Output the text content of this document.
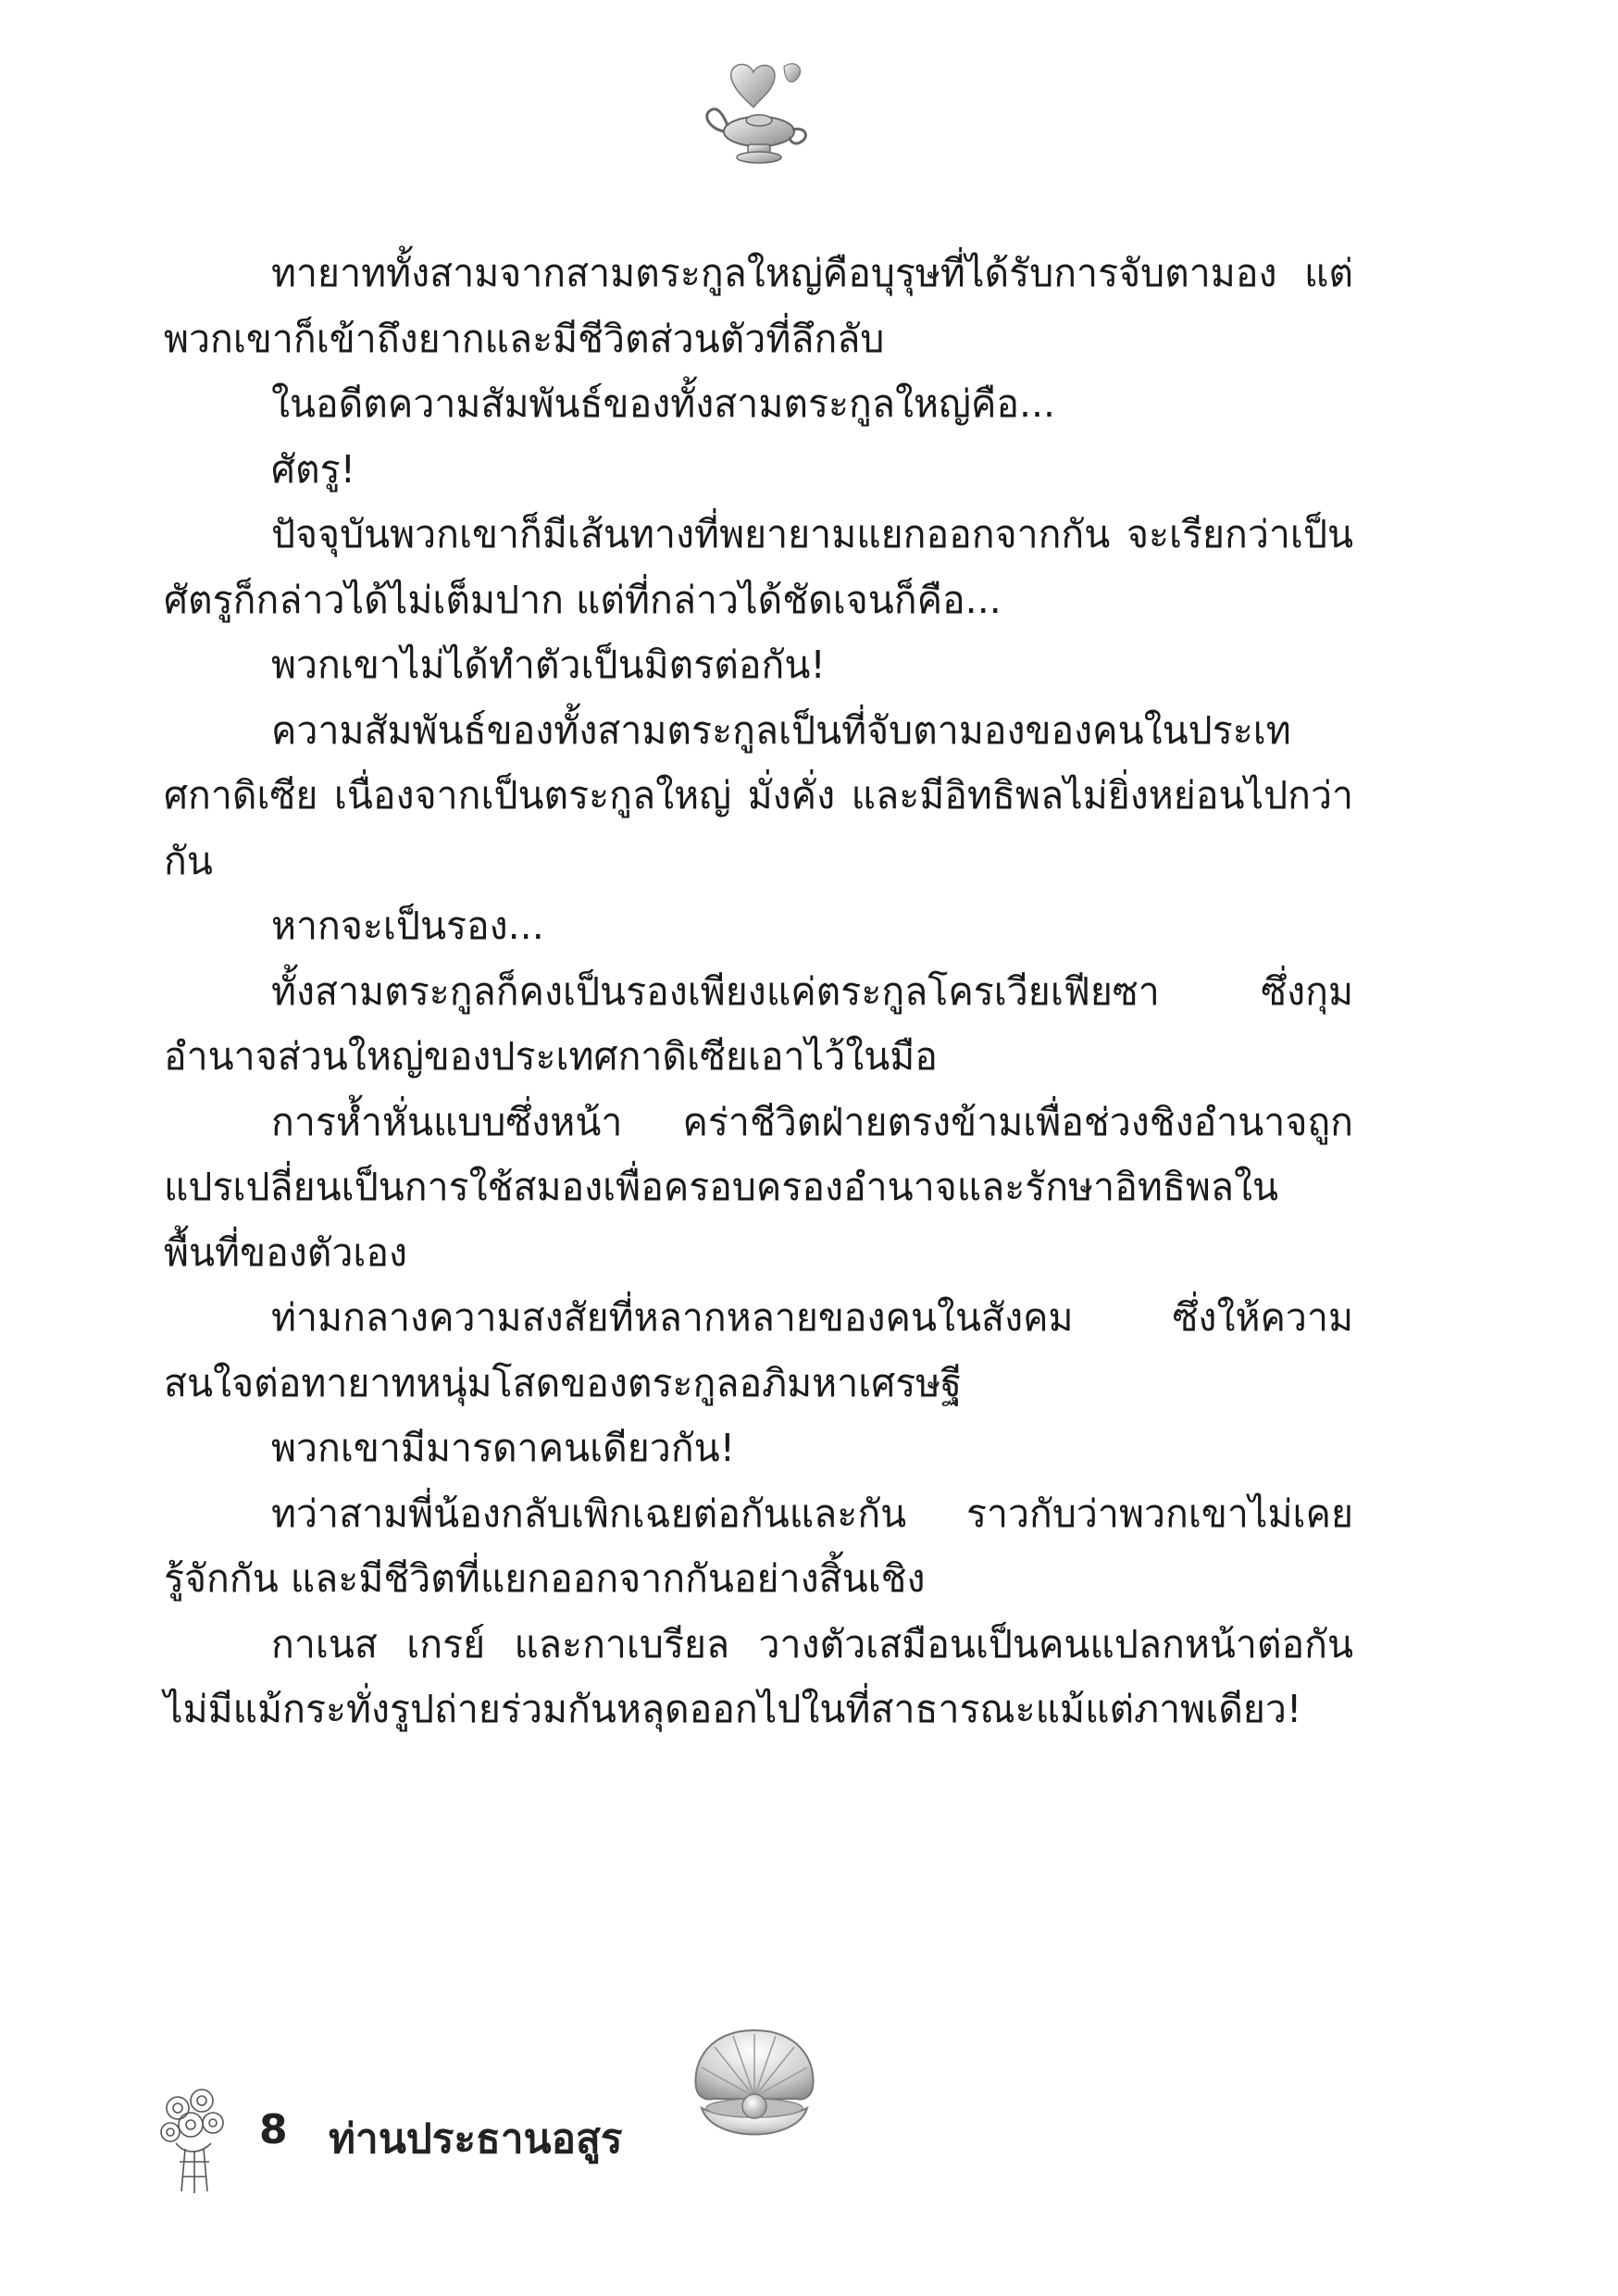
ทายาททั้งสามจากสามตระกูลใหญ่คือบุรุษที่ได้รับการจับตามอง แต่พวกเขาก็เข้าถึงยากและมีชีวิตส่วนตัวที่ลึกลับ

ในอดีตความสัมพันธ์ของทั้งสามตระกูลใหญ่คือ...

ศัตรู!

ปัจจุบันพวกเขาก็มีเส้นทางที่พยายามแยกออกจากกัน จะเรียกว่าเป็นศัตรูก็กล่าวได้ไม่เต็มปาก แต่ที่กล่าวได้ชัดเจนก็คือ...

พวกเขาไม่ได้ทำตัวเป็นมิตรต่อกัน!

ความสัมพันธ์ของทั้งสามตระกูลเป็นที่จับตามองของคนในประเทศกาดิเซีย เนื่องจากเป็นตระกูลใหญ่ มั่งคั่ง และมีอิทธิพลไม่ยิ่งหย่อนไปกว่ากัน

หากจะเป็นรอง...

ทั้งสามตระกูลก็คงเป็นรองเพียงแค่ตระกูลโครเวียเฟียซา ซึ่งกุมอำนาจส่วนใหญ่ของประเทศกาดิเซียเอาไว้ในมือ

การห้ำหั่นแบบซึ่งหน้า คร่าชีวิตฝ่ายตรงข้ามเพื่อช่วงชิงอำนาจถูกแปรเปลี่ยนเป็นการใช้สมองเพื่อครอบครองอำนาจและรักษาอิทธิพลในพื้นที่ของตัวเอง

ท่ามกลางความสงสัยที่หลากหลายของคนในสังคม ซึ่งให้ความสนใจต่อทายาทหนุ่มโสดของตระกูลอภิมหาเศรษฐี

พวกเขามีมารดาคนเดียวกัน!

ทว่าสามพี่น้องกลับเพิกเฉยต่อกันและกัน ราวกับว่าพวกเขาไม่เคยรู้จักกัน และมีชีวิตที่แยกออกจากกันอย่างสิ้นเชิง

กาเนส เกรย์ และกาเบรียล วางตัวเสมือนเป็นคนแปลกหน้าต่อกัน ไม่มีแม้กระทั่งรูปถ่ายร่วมกันหลุดออกไปในที่สาธารณะแม้แต่ภาพเดียว!

8 ท่านประธานอสูร
